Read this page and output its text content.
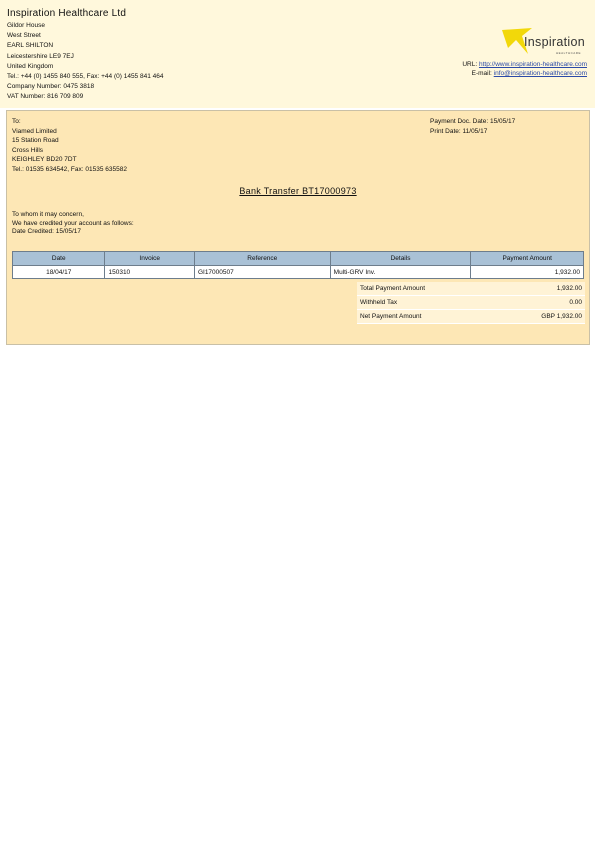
Inspiration Healthcare Ltd
Gildor House
West Street
EARL SHILTON
Leicestershire LE9 7EJ
United Kingdom
Tel.: +44 (0) 1455 840 555, Fax: +44 (0) 1455 841 464
Company Number: 0475 3818
VAT Number: 816 709 809
Inspiration
HEALTHCARE
URL: http://www.inspiration-healthcare.com
E-mail: info@inspiration-healthcare.com
To:
Viamed Limited
15 Station Road
Cross Hills
KEIGHLEY BD20 7DT
Tel.: 01535 634542, Fax: 01535 635582
Payment Doc. Date: 15/05/17
Print Date: 11/05/17
Bank Transfer BT17000973
To whom it may concern,
We have credited your account as follows:
Date Credited: 15/05/17
Date	Invoice	Reference	Details	Payment Amount
18/04/17	150310	GI17000507	Multi-GRV Inv.	1,932.00
Total Payment Amount	1,932.00
Withheld Tax	0.00
Net Payment Amount	GBP 1,932.00
